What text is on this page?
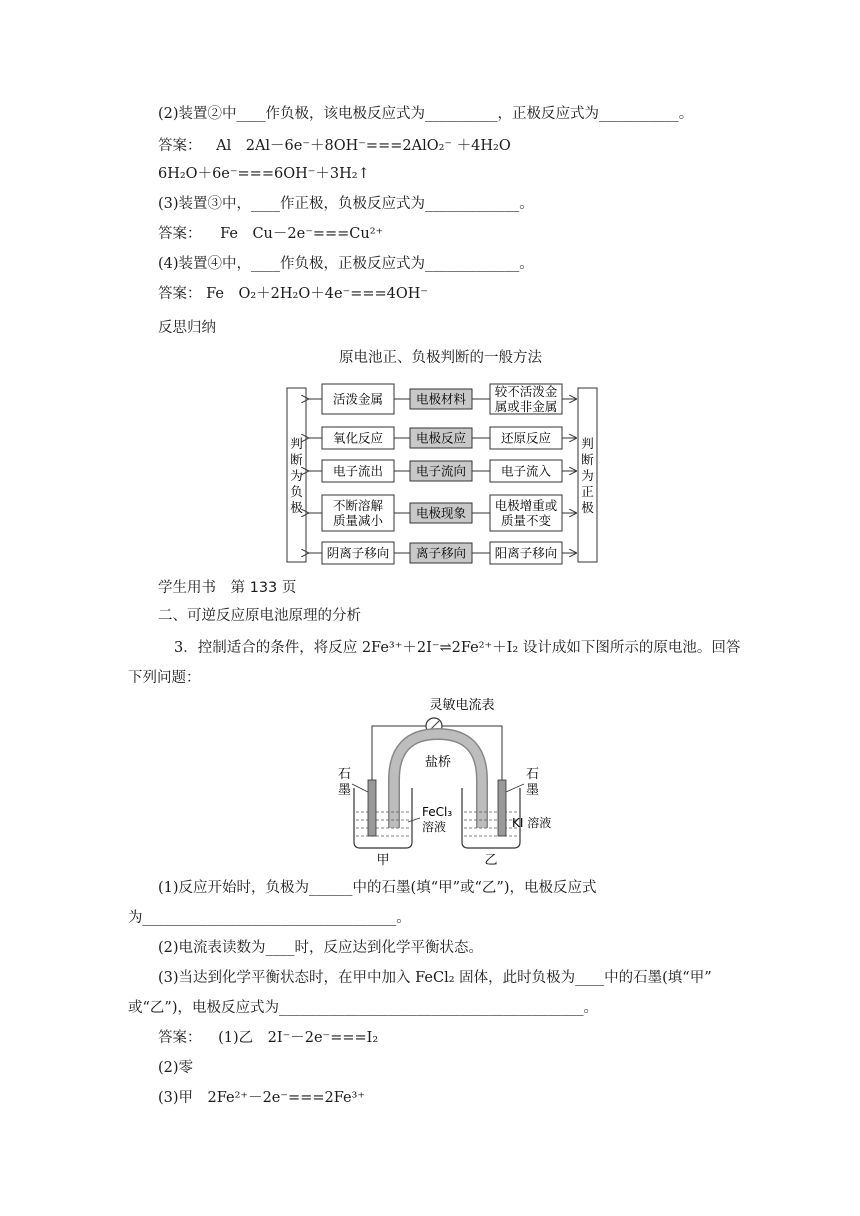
(2)装置②中____作负极，该电极反应式为__________，正极反应式为___________。
答案： Al　2Al－6e⁻＋8OH⁻===2AlO₂⁻ ＋4H₂O
6H₂O＋6e⁻===6OH⁻＋3H₂↑
(3)装置③中，____作正极，负极反应式为_____________。
答案： Fe　Cu－2e⁻===Cu²⁺
(4)装置④中，____作负极，正极反应式为_____________。
答案： Fe　O₂＋2H₂O＋4e⁻===4OH⁻
反思归纳
原电池正、负极判断的一般方法
判
断
为
负
极
判
断
为
正
极
活泼金属	电极材料 较不活泼金属或非金属
氧化反应	电极反应	还原反应
电子流出	电子流向	电子流入
不断溶解质量减小	电极现象 电极增重或质量不变
阴离子移向 离子移向 阳离子移向
学生用书　第 133 页
二、可逆反应原电池原理的分析
3．控制适合的条件，将反应 2Fe³⁺＋2I⁻⇌2Fe²⁺＋I₂ 设计成如下图所示的原电池。回答
下列问题：
灵敏电流表
盐桥
石墨
石墨
FeCl₃ 溶液	KI 溶液
甲	乙
(1)反应开始时，负极为______中的石墨(填“甲”或“乙”)，电极反应式
为___________________________________。
(2)电流表读数为____时，反应达到化学平衡状态。
(3)当达到化学平衡状态时，在甲中加入 FeCl₂ 固体，此时负极为____中的石墨(填“甲”
或“乙”)，电极反应式为__________________________________________。
答案： (1)乙　2I⁻－2e⁻===I₂
(2)零
(3)甲　2Fe²⁺－2e⁻===2Fe³⁺
